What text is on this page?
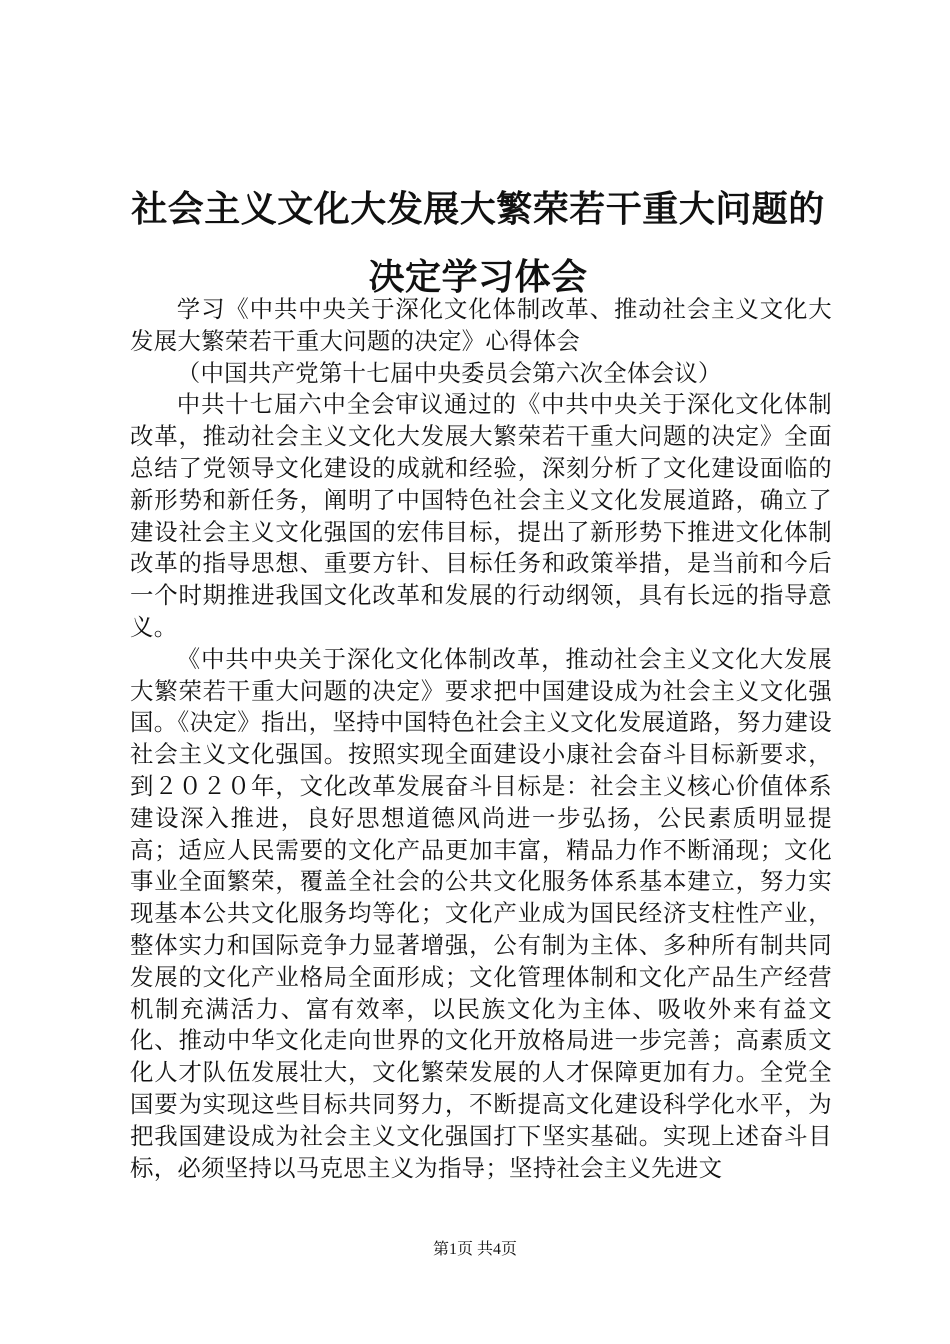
社会主义文化大发展大繁荣若干重大问题的决定学习体会

学习《中共中央关于深化文化体制改革、推动社会主义文化大发展大繁荣若干重大问题的决定》心得体会

（中国共产党第十七届中央委员会第六次全体会议）

中共十七届六中全会审议通过的《中共中央关于深化文化体制改革，推动社会主义文化大发展大繁荣若干重大问题的决定》全面总结了党领导文化建设的成就和经验，深刻分析了文化建设面临的新形势和新任务，阐明了中国特色社会主义文化发展道路，确立了建设社会主义文化强国的宏伟目标，提出了新形势下推进文化体制改革的指导思想、重要方针、目标任务和政策举措，是当前和今后一个时期推进我国文化改革和发展的行动纲领，具有长远的指导意义。

《中共中央关于深化文化体制改革，推动社会主义文化大发展大繁荣若干重大问题的决定》要求把中国建设成为社会主义文化强国。《决定》指出，坚持中国特色社会主义文化发展道路，努力建设社会主义文化强国。按照实现全面建设小康社会奋斗目标新要求，到２０２０年，文化改革发展奋斗目标是：社会主义核心价值体系建设深入推进，良好思想道德风尚进一步弘扬，公民素质明显提高；适应人民需要的文化产品更加丰富，精品力作不断涌现；文化事业全面繁荣，覆盖全社会的公共文化服务体系基本建立，努力实现基本公共文化服务均等化；文化产业成为国民经济支柱性产业，整体实力和国际竞争力显著增强，公有制为主体、多种所有制共同发展的文化产业格局全面形成；文化管理体制和文化产品生产经营机制充满活力、富有效率，以民族文化为主体、吸收外来有益文化、推动中华文化走向世界的文化开放格局进一步完善；高素质文化人才队伍发展壮大，文化繁荣发展的人才保障更加有力。全党全国要为实现这些目标共同努力，不断提高文化建设科学化水平，为把我国建设成为社会主义文化强国打下坚实基础。实现上述奋斗目标，必须坚持以马克思主义为指导；坚持社会主义先进文

第1页 共4页
